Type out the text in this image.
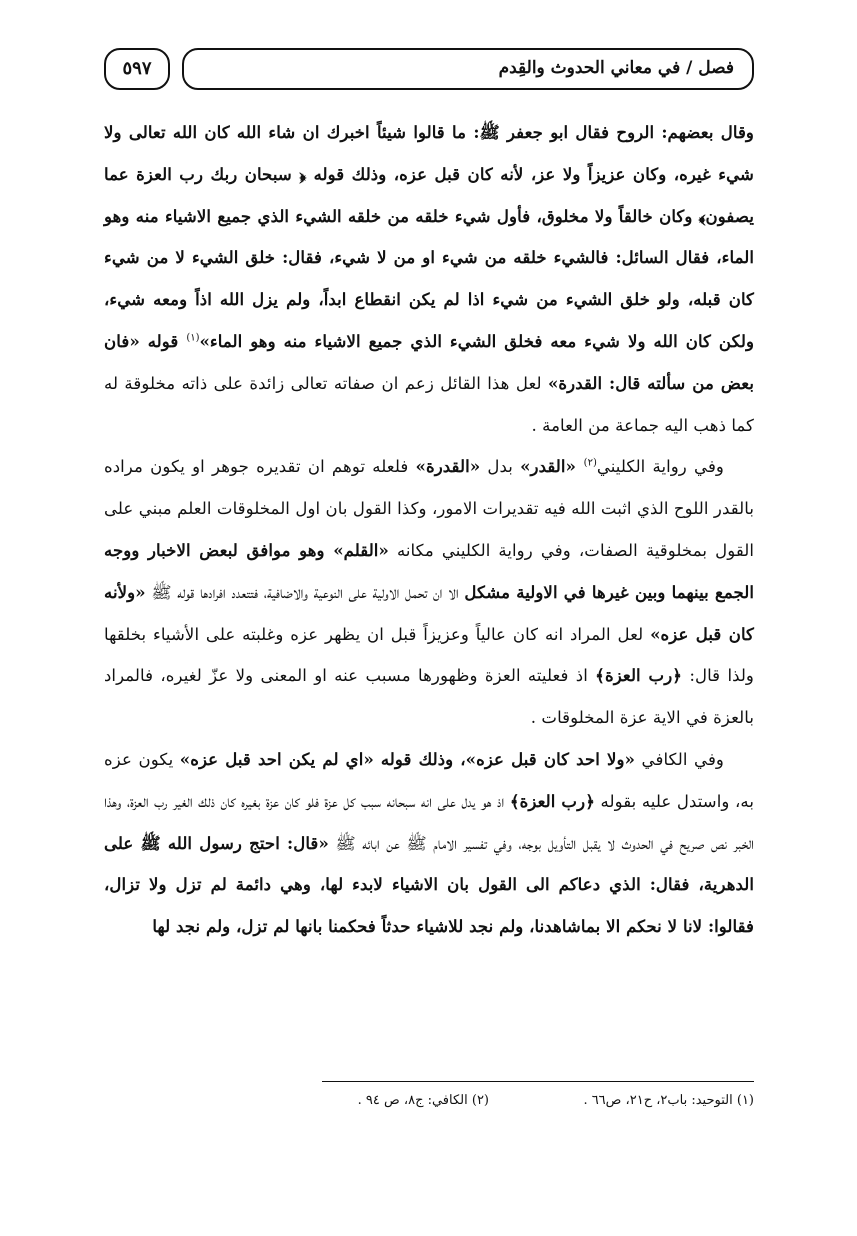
فصل / في معاني الحدوث والقِدم
٥٩٧

وقال بعضهم: الروح فقال ابو جعفر ﷺ: ما قالوا شيئاً اخبرك ان شاء الله كان الله تعالى ولا شيء غيره، وكان عزيزاً ولا عز، لأنه كان قبل عزه، وذلك قوله ﴿ سبحان ربك رب العزة عما يصفون﴾ وكان خالقاً ولا مخلوق، فأول شيء خلقه من خلقه الشيء الذي جميع الاشياء منه وهو الماء، فقال السائل: فالشيء خلقه من شيء او من لا شيء، فقال: خلق الشيء لا من شيء كان قبله، ولو خلق الشيء من شيء اذا لم يكن انقطاع ابداً، ولم يزل الله اذاً ومعه شيء، ولكن كان الله ولا شيء معه فخلق الشيء الذي جميع الاشياء منه وهو الماء»$^{(١)}$ قوله «فان بعض من سألته قال: القدرة» لعل هذا القائل زعم ان صفاته تعالى زائدة على ذاته مخلوقة له كما ذهب اليه جماعة من العامة .

وفي رواية الكليني$^{(٢)}$ «القدر» بدل «القدرة» فلعله توهم ان تقديره جوهر او يكون مراده بالقدر اللوح الذي اثبت الله فيه تقديرات الامور، وكذا القول بان اول المخلوقات العلم مبني على القول بمخلوقية الصفات، وفي رواية الكليني مكانه «القلم» وهو موافق لبعض الاخبار ووجه الجمع بينهما وبين غيرها في الاولية مشكل الا ان تحمل الاولية على النوعية والاضافية، فتتعدد افرادها قوله ﷺ «ولأنه كان قبل عزه» لعل المراد انه كان عالياً وعزيزاً قبل ان يظهر عزه وغلبته على الأشياء بخلقها ولذا قال: ﴿رب العزة﴾ اذ فعليته العزة وظهورها مسبب عنه او المعنى ولا عزّ لغيره، فالمراد بالعزة في الاية عزة المخلوقات .

وفي الكافي «ولا احد كان قبل عزه»، وذلك قوله «اي لم يكن احد قبل عزه» يكون عزه به، واستدل عليه بقوله ﴿رب العزة﴾ اذ هو يدل على انه سبحانه سبب كل عزة فلو كان عزة بغيره كان ذلك الغير رب العزة، وهذا الخبر نص صريح في الحدوث لا يقبل التأويل بوجه، وفي تفسير الامام ﷺ عن ابائه ﷺ «قال: احتج رسول الله ﷺ على الدهرية، فقال: الذي دعاكم الى القول بان الاشياء لابدء لها، وهي دائمة لم تزل ولا تزال، فقالوا: لانا لا نحكم الا بماشاهدنا، ولم نجد للاشياء حدثاً فحكمنا بانها لم تزل، ولم نجد لها

(١) التوحيد: باب٢، ح٢١، ص٦٦ .
(٢) الكافي: ج٨، ص ٩٤ .
